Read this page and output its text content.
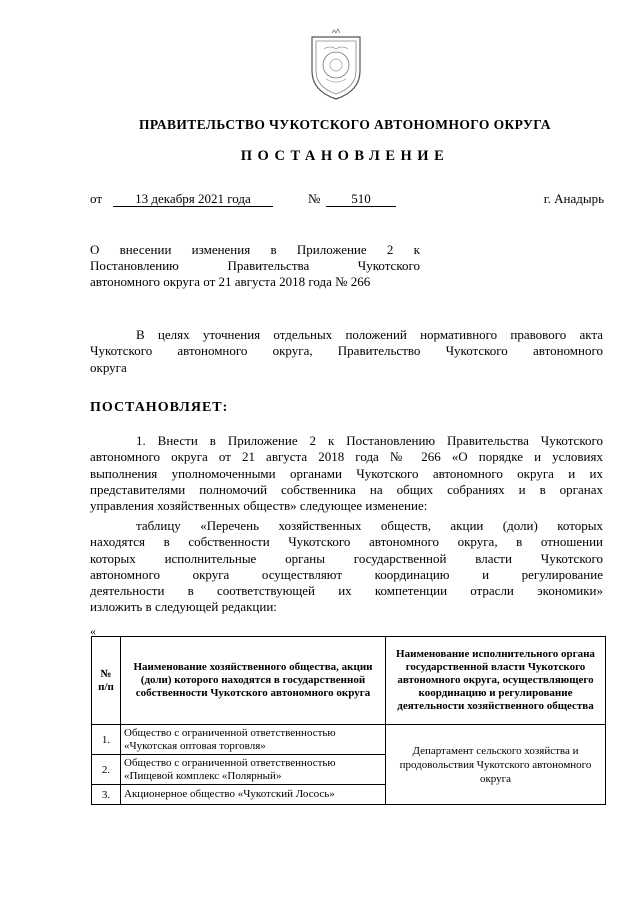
ПРАВИТЕЛЬСТВО ЧУКОТСКОГО АВТОНОМНОГО ОКРУГА
ПОСТАНОВЛЕНИЕ
от	13 декабря 2021 года	№	510	г. Анадырь
О внесении изменения в Приложение 2 к
Постановлению Правительства Чукотского
автономного округа от 21 августа 2018 года № 266
В целях уточнения отдельных положений нормативного правового акта
Чукотского автономного округа, Правительство Чукотского автономного
округа
ПОСТАНОВЛЯЕТ:
1. Внести в Приложение 2 к Постановлению Правительства Чукотского
автономного округа от 21 августа 2018 года № 266 «О порядке и условиях
выполнения уполномоченными органами Чукотского автономного округа и их
представителями полномочий собственника на общих собраниях и в органах
управления хозяйственных обществ» следующее изменение:
таблицу «Перечень хозяйственных обществ, акции (доли) которых
находятся в собственности Чукотского автономного округа, в отношении
которых исполнительные органы государственной власти Чукотского
автономного округа осуществляют координацию и регулирование
деятельности в соответствующей их компетенции отрасли экономики»
изложить в следующей редакции:
«
№ п/п	Наименование хозяйственного общества, акции (доли) которого находятся в государственной собственности Чукотского автономного округа	Наименование исполнительного органа государственной власти Чукотского автономного округа, осуществляющего координацию и регулирование деятельности хозяйственного общества
1.	Общество с ограниченной ответственностью «Чукотская оптовая торговля»	Департамент сельского хозяйства и продовольствия Чукотского автономного округа
2.	Общество с ограниченной ответственностью «Пищевой комплекс «Полярный»	
3.	Акционерное общество «Чукотский Лосось»	
